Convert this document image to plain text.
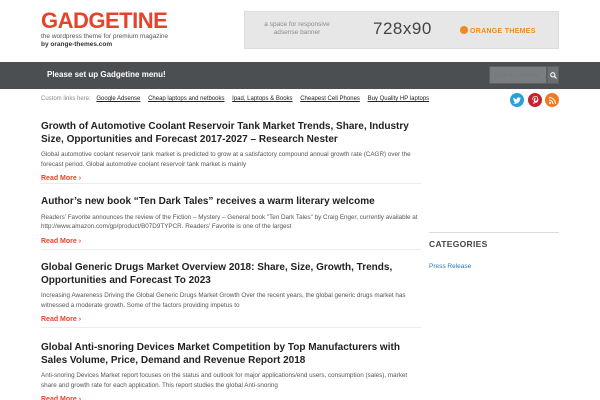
GADGETINE
the wordpress theme for premium magazine
by orange-themes.com
a space for responsive adsense banner	728x90	ORANGE THEMES
Please set up Gadgetine menu!
Search somethi
Custom links here: Google Adsense Cheap laptops and netbooks Ipad, Laptops & Books Cheapest Cell Phones Buy Quality HP laptops
Growth of Automotive Coolant Reservoir Tank Market Trends, Share, Industry Size, Opportunities and Forecast 2017-2027 – Research Nester
Global automotive coolant reservoir tank market is predicted to grow at a satisfactory compound annual growth rate (CAGR) over the forecast period. Global automotive coolant reservoir tank market is mainly
Read More ›
Author’s new book “Ten Dark Tales” receives a warm literary welcome
Readers’ Favorite announces the review of the Fiction – Mystery – General book "Ten Dark Tales" by Craig Enger, currently available at http://www.amazon.com/gp/product/B07D9TYPCR. Readers’ Favorite is one of the largest
Read More ›
Global Generic Drugs Market Overview 2018: Share, Size, Growth, Trends, Opportunities and Forecast To 2023
Increasing Awareness Driving the Global Generic Drugs Market Growth Over the recent years, the global generic drugs market has witnessed a moderate growth. Some of the factors providing impetus to
Read More ›
Global Anti-snoring Devices Market Competition by Top Manufacturers with Sales Volume, Price, Demand and Revenue Report 2018
Anti-snoring Devices Market report focuses on the status and outlook for major applications/end users, consumption (sales), market share and growth rate for each application. This report studies the global Anti-snoring
Read More ›
CATEGORIES
Press Release
